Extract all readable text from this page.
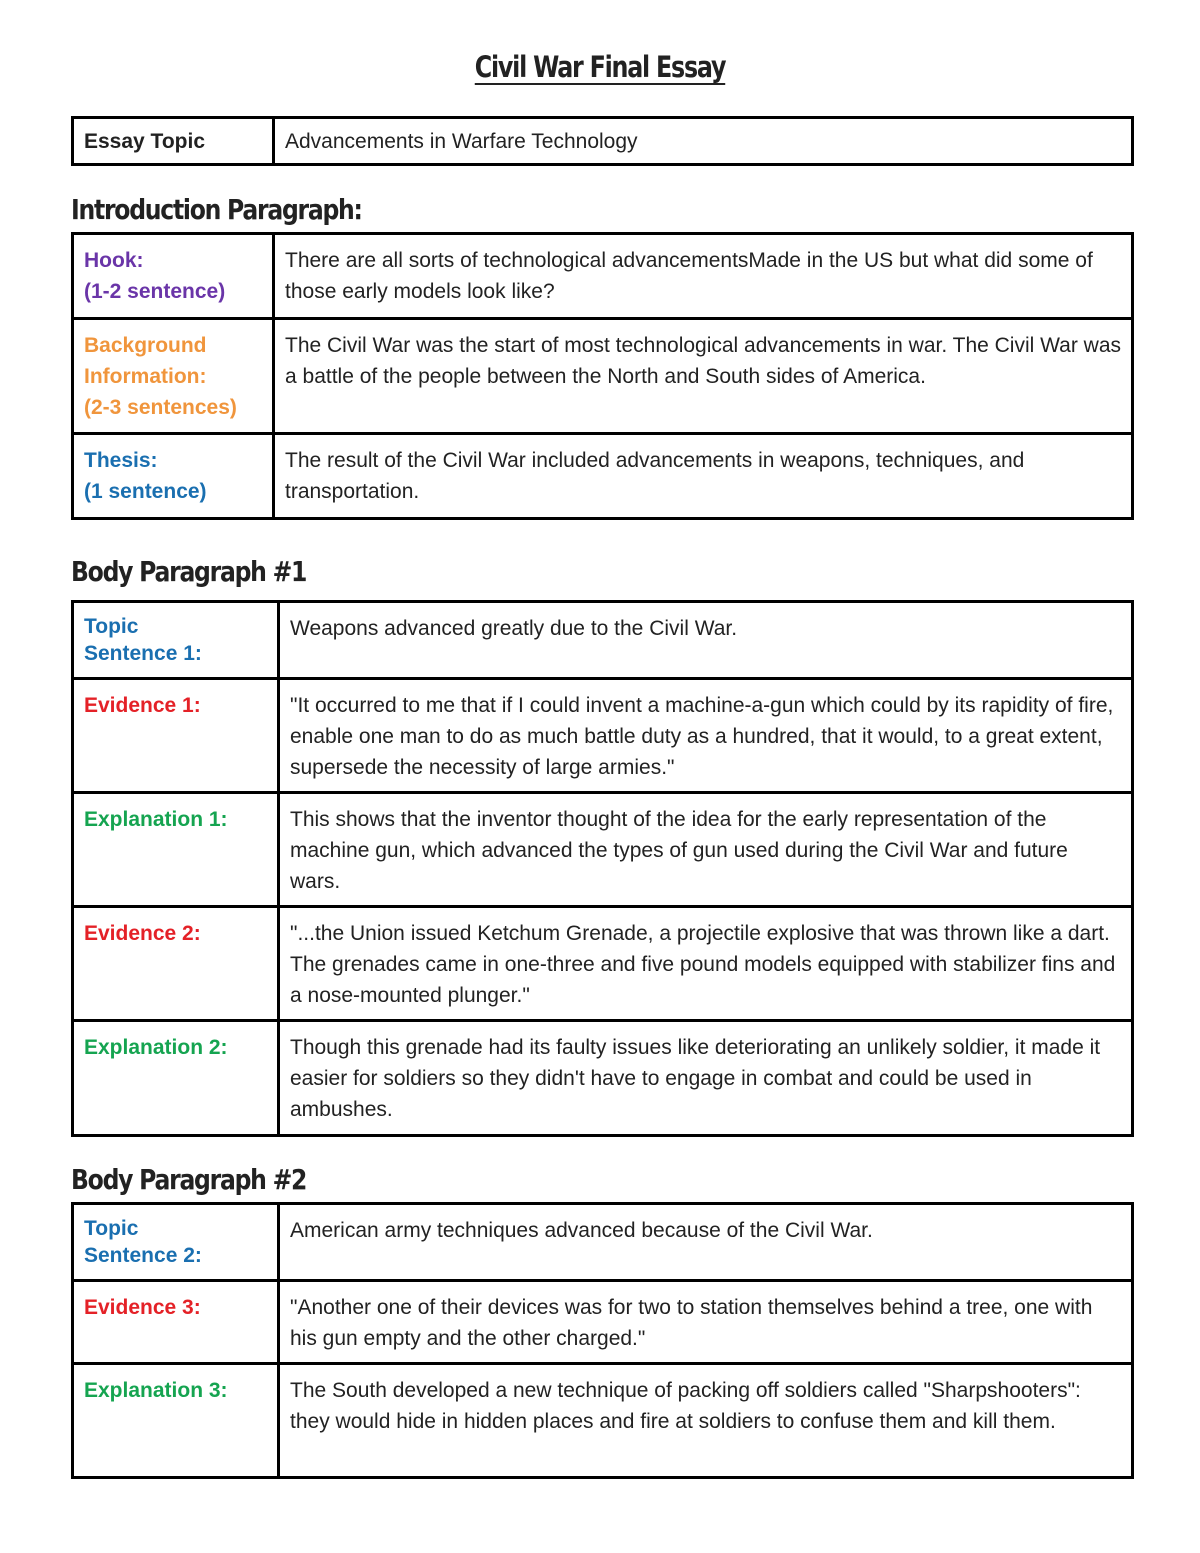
Civil War Final Essay
Essay Topic	Advancements in Warfare Technology
Introduction Paragraph:
Hook:
(1-2 sentence)	There are all sorts of technological advancementsMade in the US but what did some of those early models look like?

Background
Information:
(2-3 sentences)	The Civil War was the start of most technological advancements in war. The Civil War was a battle of the people between the North and South sides of America.

Thesis:
(1 sentence)	The result of the Civil War included advancements in weapons, techniques, and transportation.
Body Paragraph #1
Topic
Sentence 1:	Weapons advanced greatly due to the Civil War.

Evidence 1:	"It occurred to me that if I could invent a machine-a-gun which could by its rapidity of fire, enable one man to do as much battle duty as a hundred, that it would, to a great extent, supersede the necessity of large armies."

Explanation 1:	This shows that the inventor thought of the idea for the early representation of the machine gun, which advanced the types of gun used during the Civil War and future wars.

Evidence 2:	"...the Union issued Ketchum Grenade, a projectile explosive that was thrown like a dart. The grenades came in one-three and five pound models equipped with stabilizer fins and a nose-mounted plunger."

Explanation 2:	Though this grenade had its faulty issues like deteriorating an unlikely soldier, it made it easier for soldiers so they didn't have to engage in combat and could be used in ambushes.
Body Paragraph #2
Topic
Sentence 2:	American army techniques advanced because of the Civil War.

Evidence 3:	"Another one of their devices was for two to station themselves behind a tree, one with his gun empty and the other charged."

Explanation 3:	The South developed a new technique of packing off soldiers called "Sharpshooters": they would hide in hidden places and fire at soldiers to confuse them and kill them.
